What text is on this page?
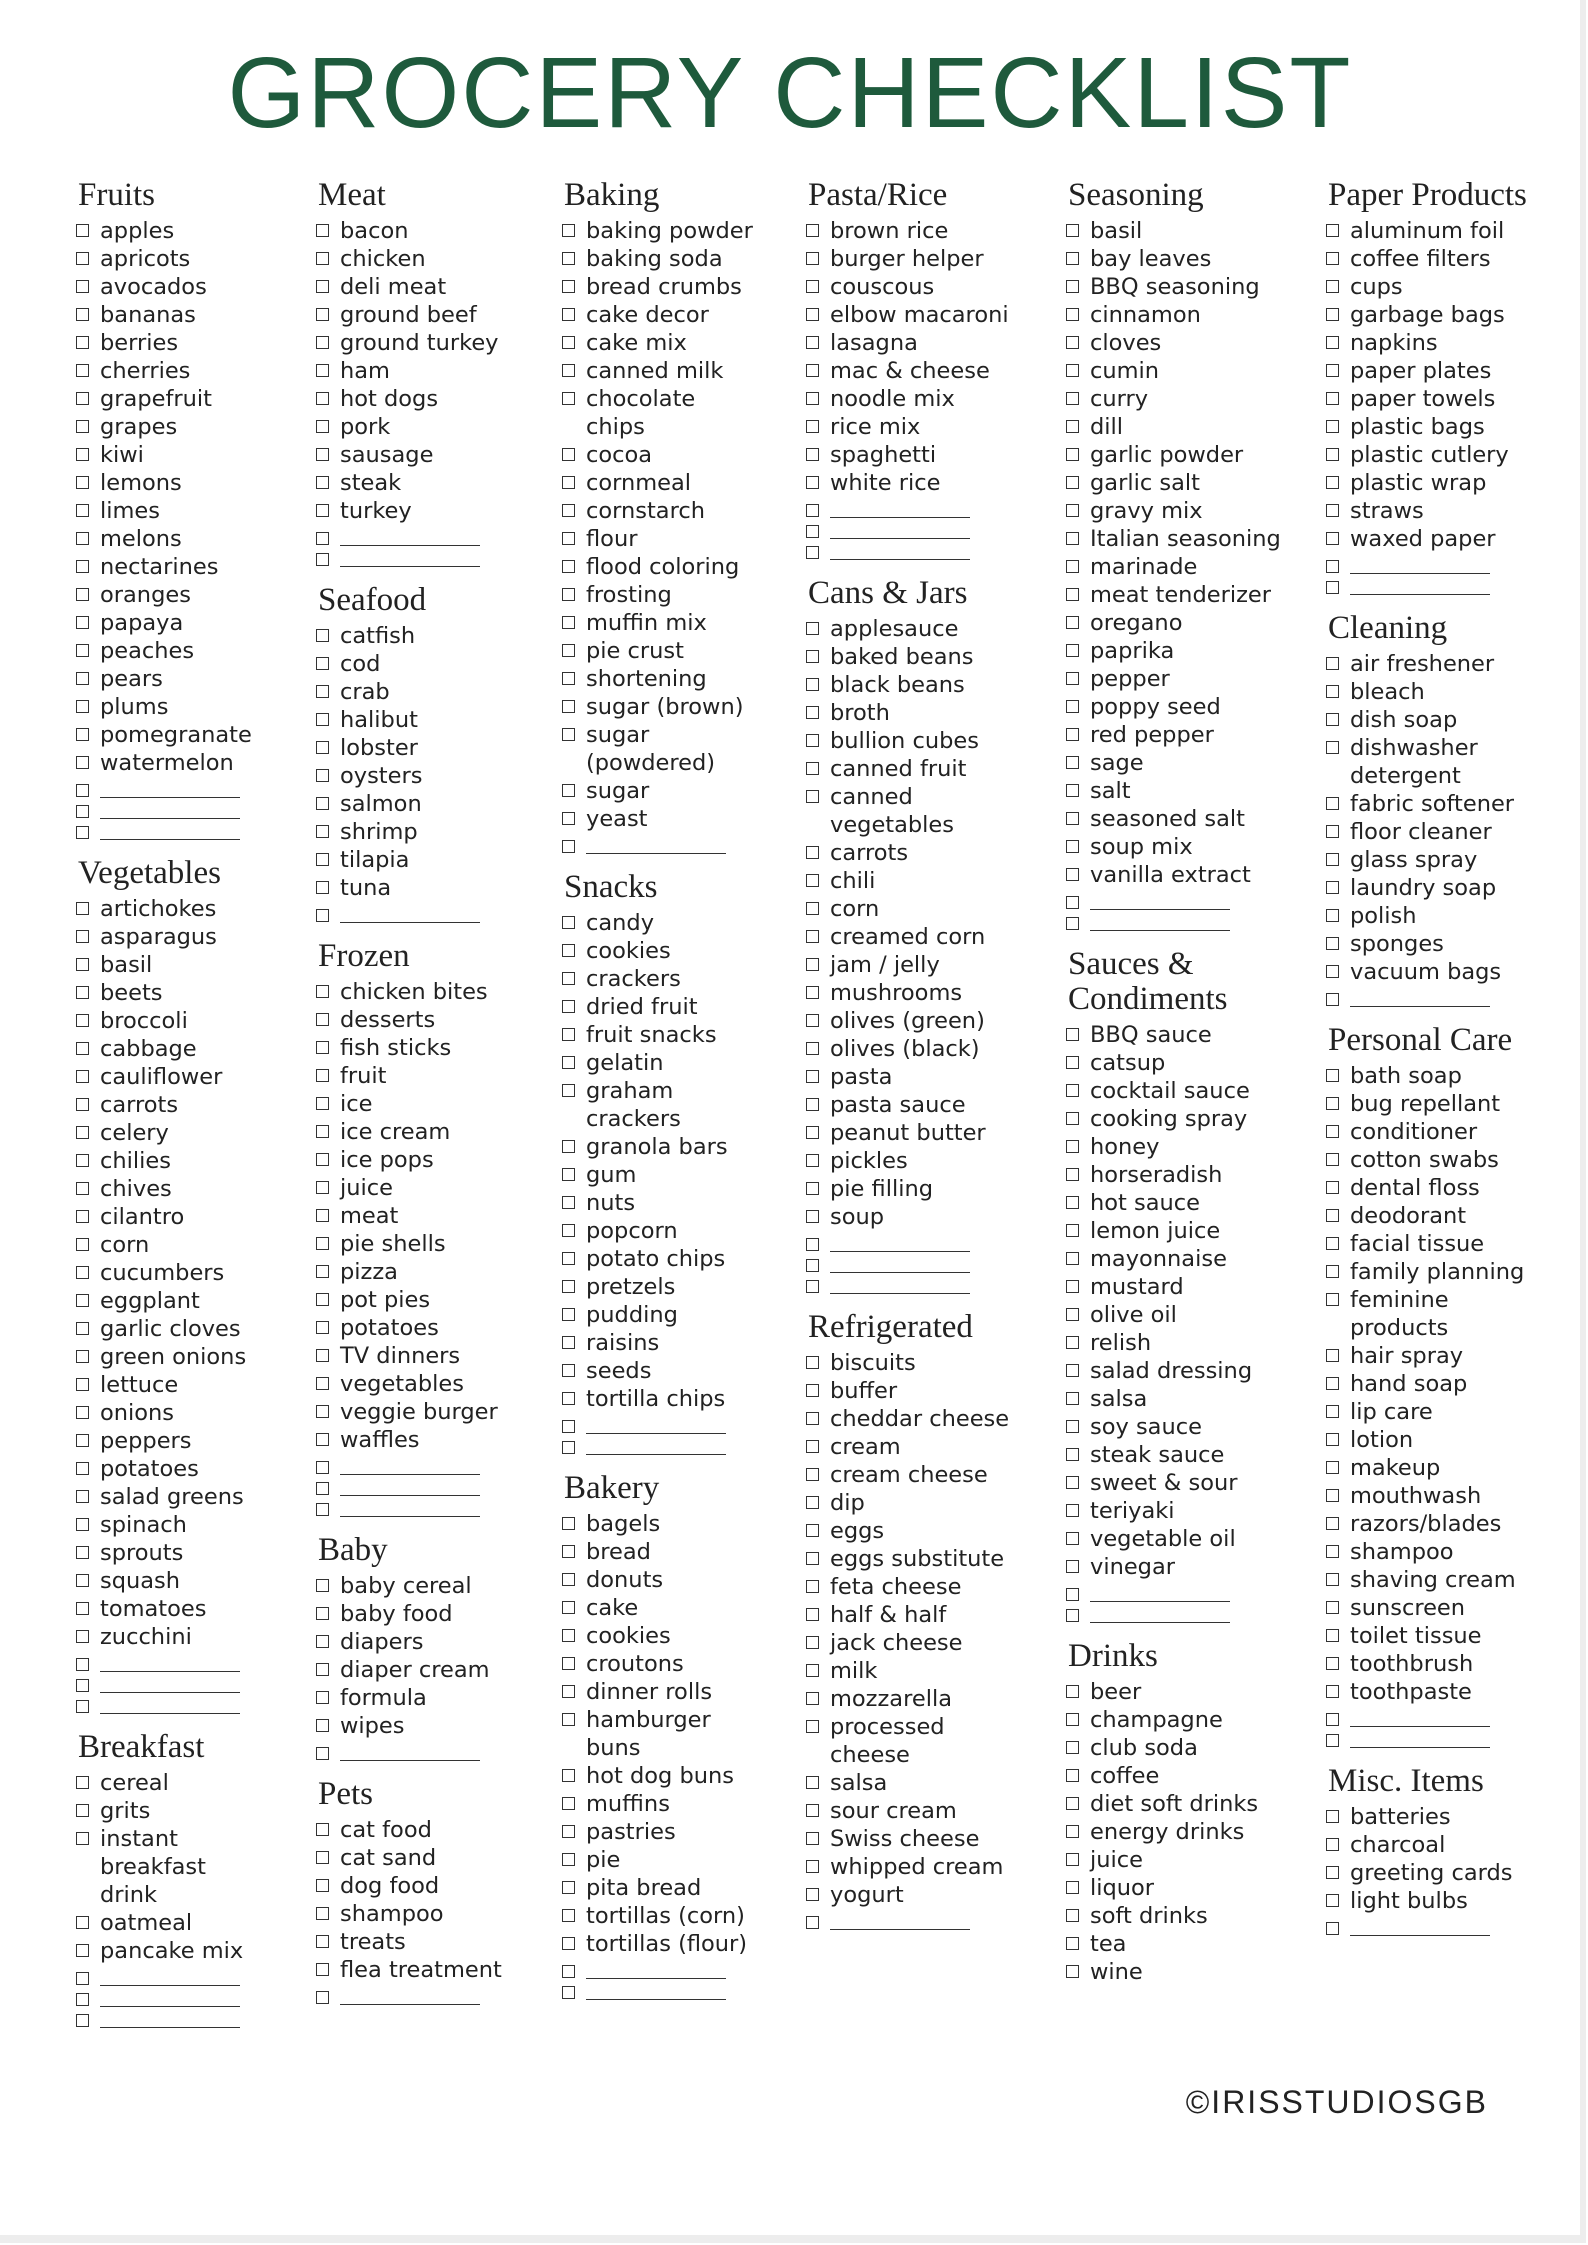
GROCERY CHECKLIST
Fruits
apples
apricots
avocados
bananas
berries
cherries
grapefruit
grapes
kiwi
lemons
limes
melons
nectarines
oranges
papaya
peaches
pears
plums
pomegranate
watermelon
Vegetables
artichokes
asparagus
basil
beets
broccoli
cabbage
cauliflower
carrots
celery
chilies
chives
cilantro
corn
cucumbers
eggplant
garlic cloves
green onions
lettuce
onions
peppers
potatoes
salad greens
spinach
sprouts
squash
tomatoes
zucchini
Breakfast
cereal
grits
instant breakfast drink
oatmeal
pancake mix
Meat
bacon
chicken
deli meat
ground beef
ground turkey
ham
hot dogs
pork
sausage
steak
turkey
Seafood
catfish
cod
crab
halibut
lobster
oysters
salmon
shrimp
tilapia
tuna
Frozen
chicken bites
desserts
fish sticks
fruit
ice
ice cream
ice pops
juice
meat
pie shells
pizza
pot pies
potatoes
TV dinners
vegetables
veggie burger
waffles
Baby
baby cereal
baby food
diapers
diaper cream
formula
wipes
Pets
cat food
cat sand
dog food
shampoo
treats
flea treatment
Baking
baking powder
baking soda
bread crumbs
cake decor
cake mix
canned milk
chocolate chips
cocoa
cornmeal
cornstarch
flour
flood coloring
frosting
muffin mix
pie crust
shortening
sugar (brown)
sugar (powdered)
sugar
yeast
Snacks
candy
cookies
crackers
dried fruit
fruit snacks
gelatin
graham crackers
granola bars
gum
nuts
popcorn
potato chips
pretzels
pudding
raisins
seeds
tortilla chips
Bakery
bagels
bread
donuts
cake
cookies
croutons
dinner rolls
hamburger buns
hot dog buns
muffins
pastries
pie
pita bread
tortillas (corn)
tortillas (flour)
Pasta/Rice
brown rice
burger helper
couscous
elbow macaroni
lasagna
mac & cheese
noodle mix
rice mix
spaghetti
white rice
Cans & Jars
applesauce
baked beans
black beans
broth
bullion cubes
canned fruit
canned vegetables
carrots
chili
corn
creamed corn
jam / jelly
mushrooms
olives (green)
olives (black)
pasta
pasta sauce
peanut butter
pickles
pie filling
soup
Refrigerated
biscuits
buffer
cheddar cheese
cream
cream cheese
dip
eggs
eggs substitute
feta cheese
half & half
jack cheese
milk
mozzarella
processed cheese
salsa
sour cream
Swiss cheese
whipped cream
yogurt
Seasoning
basil
bay leaves
BBQ seasoning
cinnamon
cloves
cumin
curry
dill
garlic powder
garlic salt
gravy mix
Italian seasoning
marinade
meat tenderizer
oregano
paprika
pepper
poppy seed
red pepper
sage
salt
seasoned salt
soup mix
vanilla extract
Sauces & Condiments
BBQ sauce
catsup
cocktail sauce
cooking spray
honey
horseradish
hot sauce
lemon juice
mayonnaise
mustard
olive oil
relish
salad dressing
salsa
soy sauce
steak sauce
sweet & sour
teriyaki
vegetable oil
vinegar
Drinks
beer
champagne
club soda
coffee
diet soft drinks
energy drinks
juice
liquor
soft drinks
tea
wine
Paper Products
aluminum foil
coffee filters
cups
garbage bags
napkins
paper plates
paper towels
plastic bags
plastic cutlery
plastic wrap
straws
waxed paper
Cleaning
air freshener
bleach
dish soap
dishwasher detergent
fabric softener
floor cleaner
glass spray
laundry soap
polish
sponges
vacuum bags
Personal Care
bath soap
bug repellant
conditioner
cotton swabs
dental floss
deodorant
facial tissue
family planning
feminine products
hair spray
hand soap
lip care
lotion
makeup
mouthwash
razors/blades
shampoo
shaving cream
sunscreen
toilet tissue
toothbrush
toothpaste
Misc. Items
batteries
charcoal
greeting cards
light bulbs
©IRISSTUDIOSGB
